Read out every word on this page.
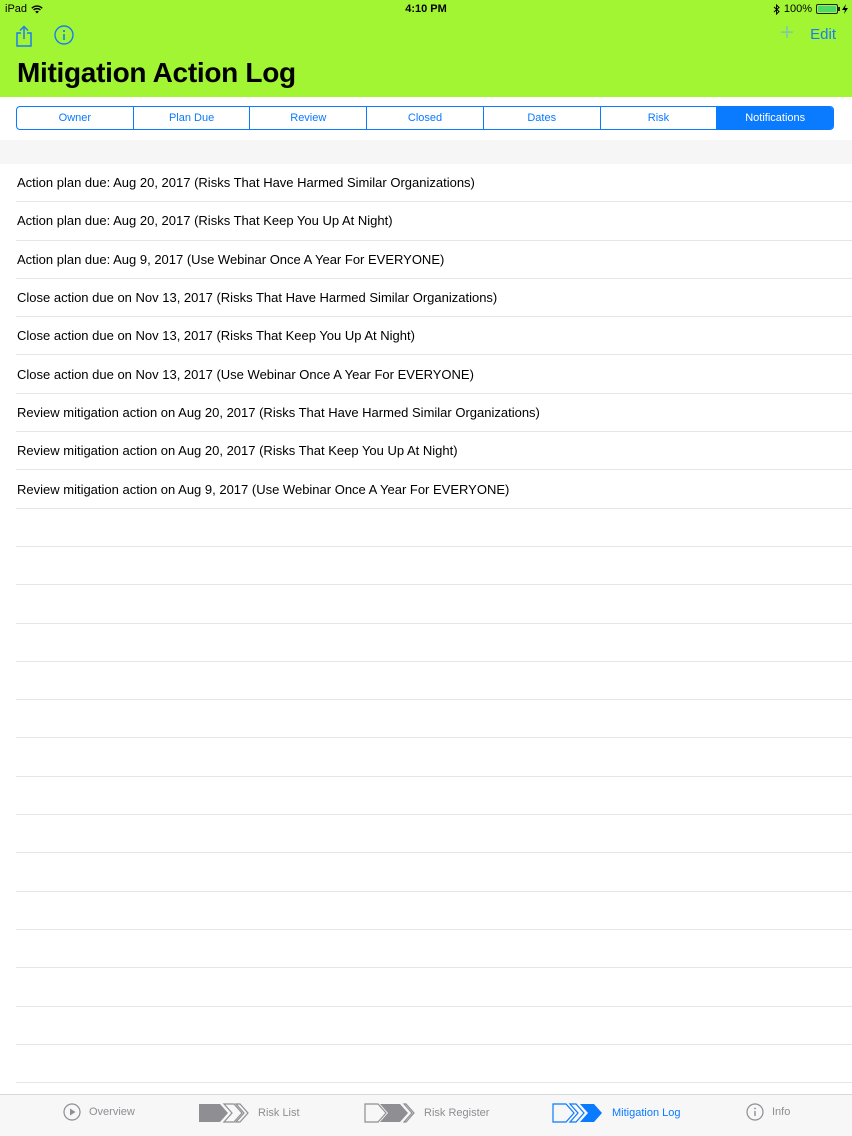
iPad	4:10 PM	100%
+ Edit
Mitigation Action Log
Owner	Plan Due	Review	Closed	Dates	Risk	Notifications
Action plan due: Aug 20, 2017 (Risks That Have Harmed Similar Organizations)
Action plan due: Aug 20, 2017 (Risks That Keep You Up At Night)
Action plan due: Aug 9, 2017 (Use Webinar Once A Year For EVERYONE)
Close action due on Nov 13, 2017 (Risks That Have Harmed Similar Organizations)
Close action due on Nov 13, 2017 (Risks That Keep You Up At Night)
Close action due on Nov 13, 2017 (Use Webinar Once A Year For EVERYONE)
Review mitigation action on Aug 20, 2017 (Risks That Have Harmed Similar Organizations)
Review mitigation action on Aug 20, 2017 (Risks That Keep You Up At Night)
Review mitigation action on Aug 9, 2017 (Use Webinar Once A Year For EVERYONE)
Overview	Risk List	Risk Register	Mitigation Log	Info
